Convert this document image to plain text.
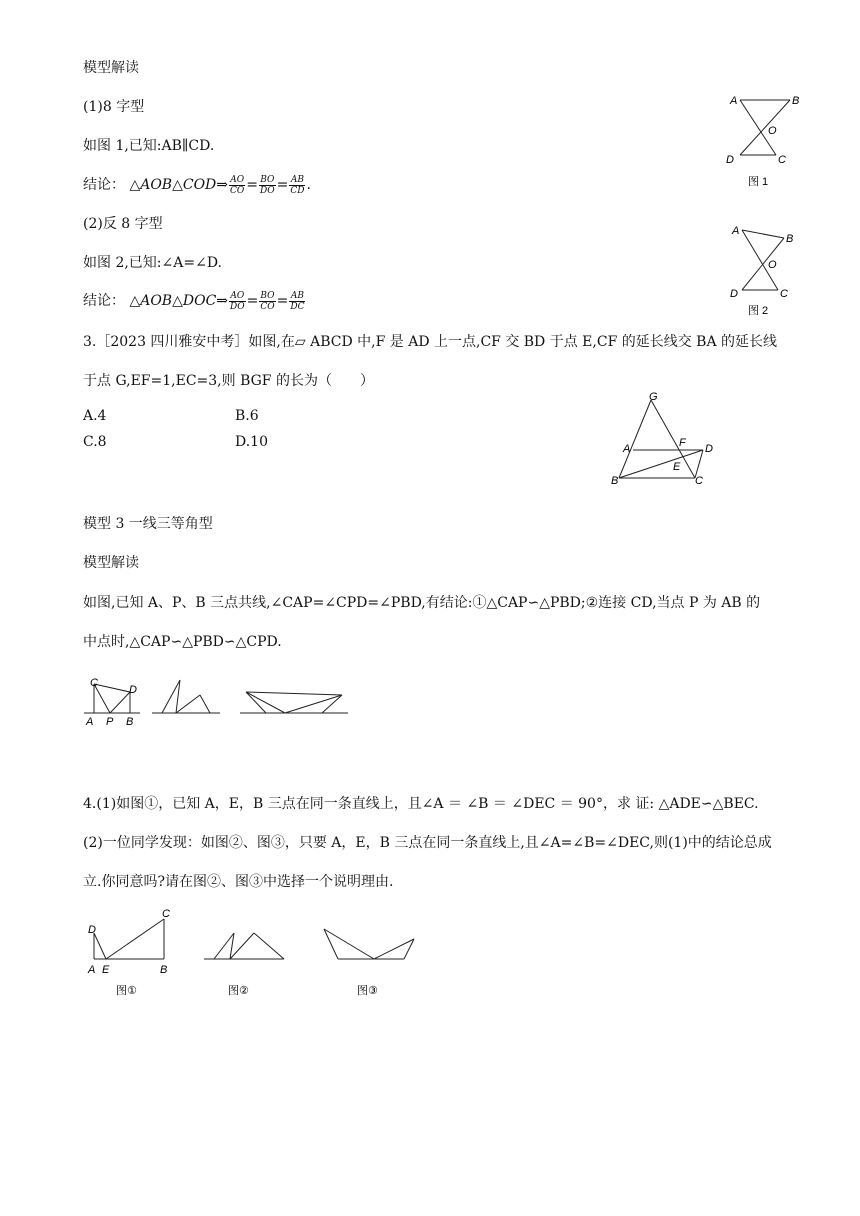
模型解读
(1)8 字型
如图 1,已知:AB∥CD.
结论： △AOB△COD⇒ $\frac{AO}{CO} = \frac{BO}{DO} = \frac{AB}{CD}$ .
(2)反 8 字型
如图 2,已知:∠A=∠D.
结论： △AOB△DOC⇒ $\frac{AO}{DO} = \frac{BO}{CO} = \frac{AB}{DC}$
A	B
O
D	C
图 1
A
B
O
D	C
图 2
3.［2023 四川雅安中考］如图,在▱ ABCD 中,F 是 AD 上一点,CF 交 BD 于点 E,CF 的延长线交 BA 的延长线
于点 G,EF=1,EC=3,则 BGF 的长为（　　）
A.4	B.6
C.8	D.10
G
A	F D
E
B	C
模型 3 一线三等角型
模型解读
如图,已知 A、P、B 三点共线,∠CAP=∠CPD=∠PBD,有结论:①△CAP∽△PBD;②连接 CD,当点 P 为 AB 的
中点时,△CAP∽△PBD∽△CPD.
C
D
A P B
4.(1)如图①，已知 A，E，B 三点在同一条直线上，且∠A ＝ ∠B ＝ ∠DEC ＝ 90°，求 证: △ADE∽△BEC.
(2)一位同学发现：如图②、图③，只要 A，E，B 三点在同一条直线上,且∠A=∠B=∠DEC,则(1)中的结论总成
立.你同意吗?请在图②、图③中选择一个说明理由.
C
D
A E	B
图①	图②	图③
